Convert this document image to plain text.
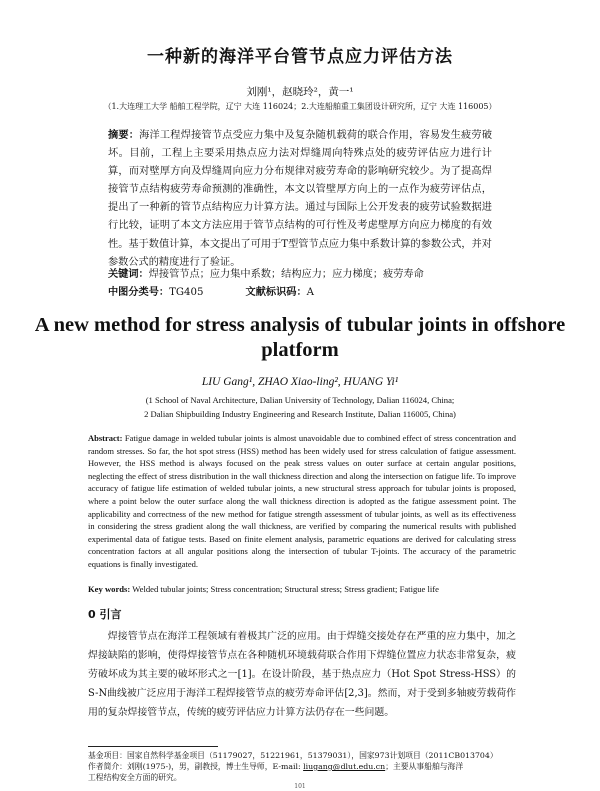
一种新的海洋平台管节点应力评估方法
刘刚¹，赵晓玲²，黄一¹
（1.大连理工大学 船舶工程学院，辽宁 大连 116024；2.大连船舶重工集团设计研究所，辽宁 大连 116005）
摘要：海洋工程焊接管节点受应力集中及复杂随机载荷的联合作用，容易发生疲劳破坏。目前，工程上主要采用热点应力法对焊缝周向特殊点处的疲劳评估应力进行计算，而对壁厚方向及焊缝周向应力分布规律对疲劳寿命的影响研究较少。为了提高焊接管节点结构疲劳寿命预测的准确性，本文以管壁厚方向上的一点作为疲劳评估点，提出了一种新的管节点结构应力计算方法。通过与国际上公开发表的疲劳试验数据进行比较，证明了本文方法应用于管节点结构的可行性及考虑壁厚方向应力梯度的有效性。基于数值计算，本文提出了可用于T型管节点应力集中系数计算的参数公式，并对参数公式的精度进行了验证。
关键词：焊接管节点；应力集中系数；结构应力；应力梯度；疲劳寿命
中图分类号：TG405	文献标识码：A
A new method for stress analysis of tubular joints in offshore platform
LIU Gang¹, ZHAO Xiao-ling², HUANG Yi¹
(1 School of Naval Architecture, Dalian University of Technology, Dalian 116024, China;
2 Dalian Shipbuilding Industry Engineering and Research Institute, Dalian 116005, China)
Abstract: Fatigue damage in welded tubular joints is almost unavoidable due to combined effect of stress concentration and random stresses. So far, the hot spot stress (HSS) method has been widely used for stress calculation of fatigue assessment. However, the HSS method is always focused on the peak stress values on outer surface at certain angular positions, neglecting the effect of stress distribution in the wall thickness direction and along the intersection on fatigue life. To improve accuracy of fatigue life estimation of welded tubular joints, a new structural stress approach for tubular joints is proposed, where a point below the outer surface along the wall thickness direction is adopted as the fatigue assessment point. The applicability and correctness of the new method for fatigue strength assessment of tubular joints, as well as its effectiveness in considering the stress gradient along the wall thickness, are verified by comparing the numerical results with published experimental data of fatigue tests. Based on finite element analysis, parametric equations are derived for calculating stress concentration factors at all angular positions along the intersection of tubular T-joints. The accuracy of the parametric equations is finally investigated.
Key words: Welded tubular joints; Stress concentration; Structural stress; Stress gradient; Fatigue life
0 引言
焊接管节点在海洋工程领域有着极其广泛的应用。由于焊缝交接处存在严重的应力集中，加之焊接缺陷的影响，使得焊接管节点在各种随机环境载荷联合作用下焊缝位置应力状态非常复杂，疲劳破坏成为其主要的破坏形式之一[1]。在设计阶段，基于热点应力（Hot Spot Stress-HSS）的S-N曲线被广泛应用于海洋工程焊接管节点的疲劳寿命评估[2,3]。然而，对于受到多轴疲劳载荷作用的复杂焊接管节点，传统的疲劳评估应力计算方法仍存在一些问题。
基金项目：国家自然科学基金项目（51179027，51221961，51379031），国家973计划项目（2011CB013704）
作者简介：刘刚(1975-)，男，副教授，博士生导师，E-mail: liugang@dlut.edu.cn；主要从事船舶与海洋
工程结构安全方面的研究。
101
